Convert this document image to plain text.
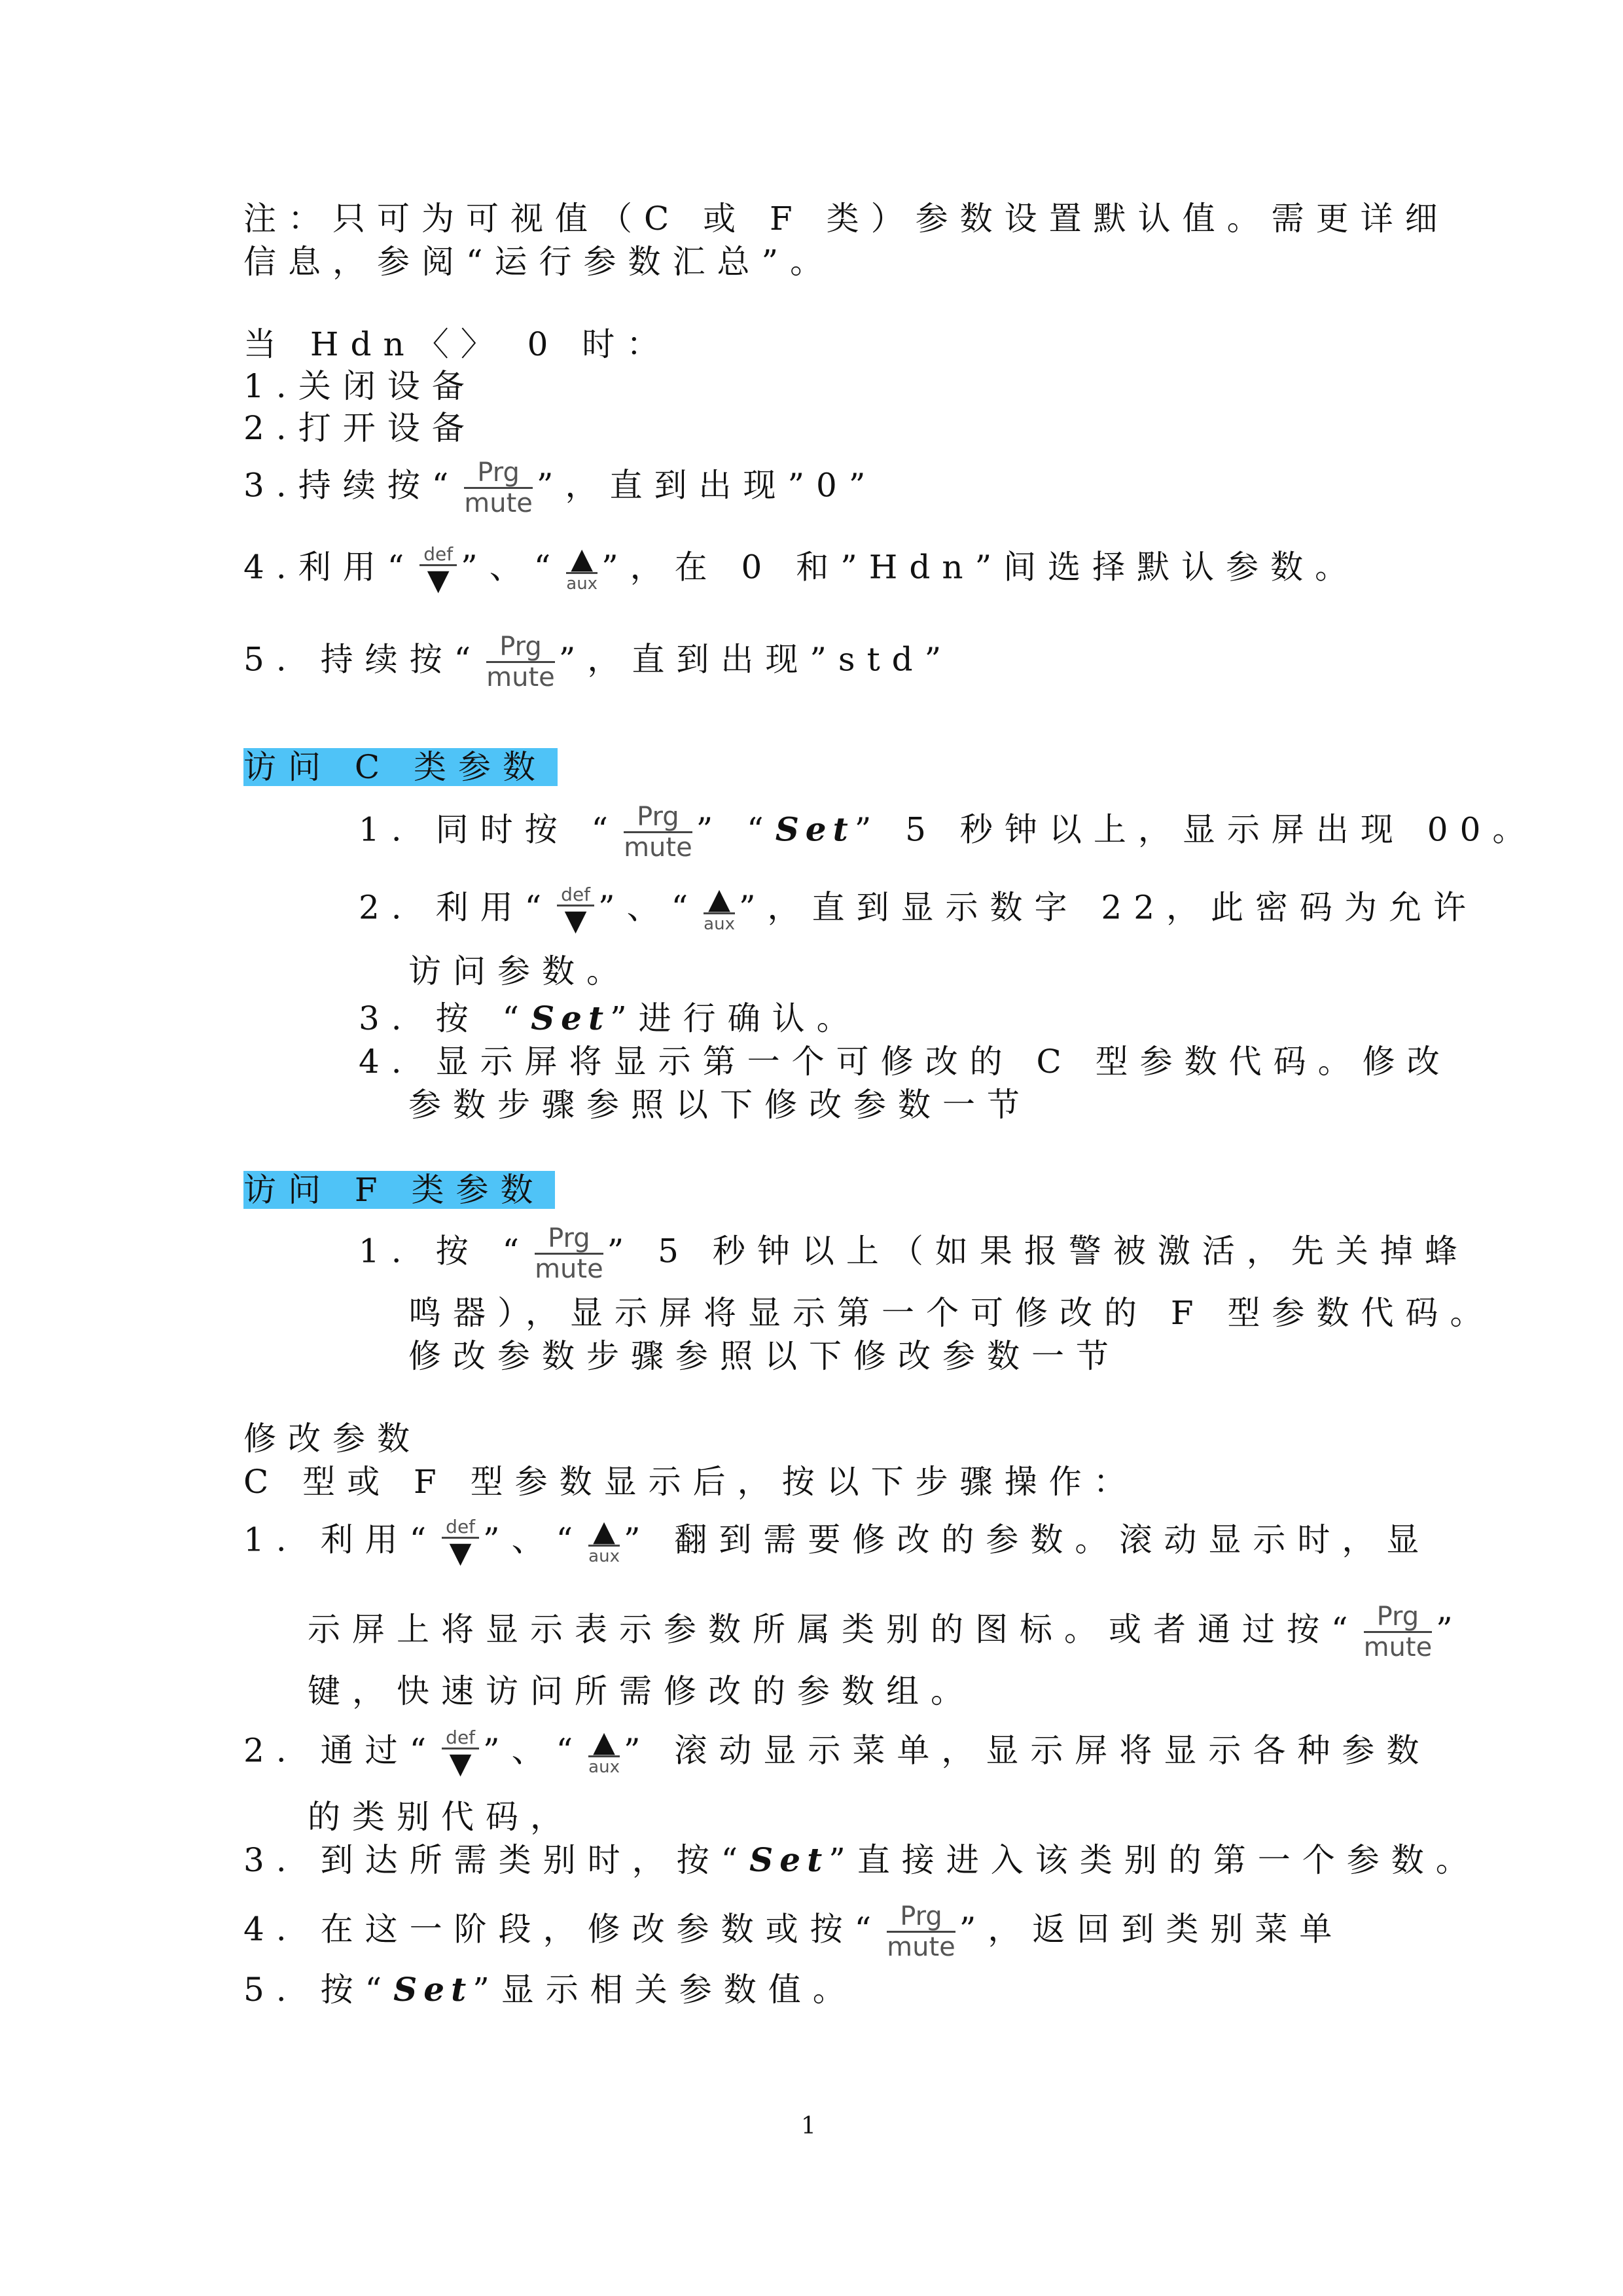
注：只可为可视值（C 或 F 类）参数设置默认值。需更详细
信息，参阅“运行参数汇总”。
当 Hdn〈〉 0 时：
1.关闭设备
2.打开设备
3.持续按“ Prg
mute ”，直到出现”0”
4.利用“ def
▼ ”、“ ▲
aux ”，在 0 和”Hdn”间选择默认参数。
5. 持续按“ Prg
mute ”，直到出现”std”
访问 C 类参数
1. 同时按 “ Prg
mute ” “Set” 5 秒钟以上，显示屏出现 00。
2. 利用“ def
▼ ”、“ ▲
aux ”，直到显示数字 22，此密码为允许
访问参数。
3. 按 “Set”进行确认。
4. 显示屏将显示第一个可修改的 C 型参数代码。修改
参数步骤参照以下修改参数一节
访问 F 类参数
1. 按 “ Prg
mute ” 5 秒钟以上（如果报警被激活，先关掉蜂
鸣器），显示屏将显示第一个可修改的 F 型参数代码。
修改参数步骤参照以下修改参数一节
修改参数
C 型或 F 型参数显示后，按以下步骤操作：
1. 利用“ def
▼ ”、“ ▲
aux ” 翻到需要修改的参数。滚动显示时，显
示屏上将显示表示参数所属类别的图标。或者通过按“ Prg
mute ”
键，快速访问所需修改的参数组。
2. 通过“ def
▼ ”、“ ▲
aux ” 滚动显示菜单，显示屏将显示各种参数
的类别代码，
3. 到达所需类别时，按“Set”直接进入该类别的第一个参数。
4. 在这一阶段，修改参数或按“ Prg
mute ”，返回到类别菜单
5. 按“Set”显示相关参数值。
1
